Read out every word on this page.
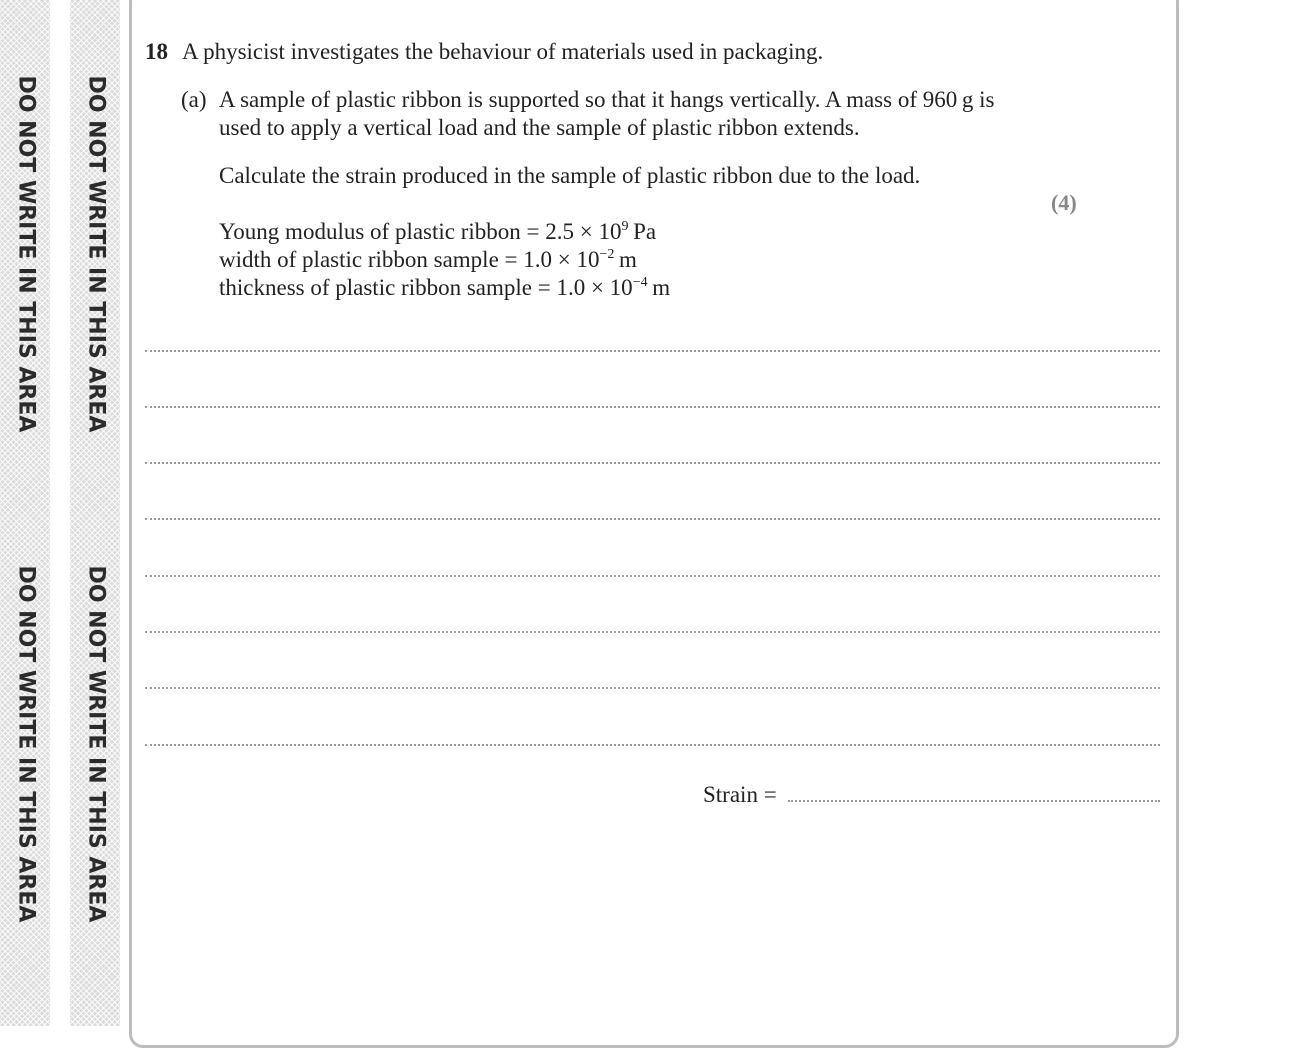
DO NOT WRITE IN THIS AREA
DO NOT WRITE IN THIS AREA
DO NOT WRITE IN THIS AREA
DO NOT WRITE IN THIS AREA
18 A physicist investigates the behaviour of materials used in packaging.
(a) A sample of plastic ribbon is supported so that it hangs vertically. A mass of 960 g is
used to apply a vertical load and the sample of plastic ribbon extends.
Calculate the strain produced in the sample of plastic ribbon due to the load.
(4)
Young modulus of plastic ribbon = $2.5 \times 10^9$ Pa
width of plastic ribbon sample = $1.0 \times 10^{-2}$ m
thickness of plastic ribbon sample = $1.0 \times 10^{-4}$ m
Strain =
